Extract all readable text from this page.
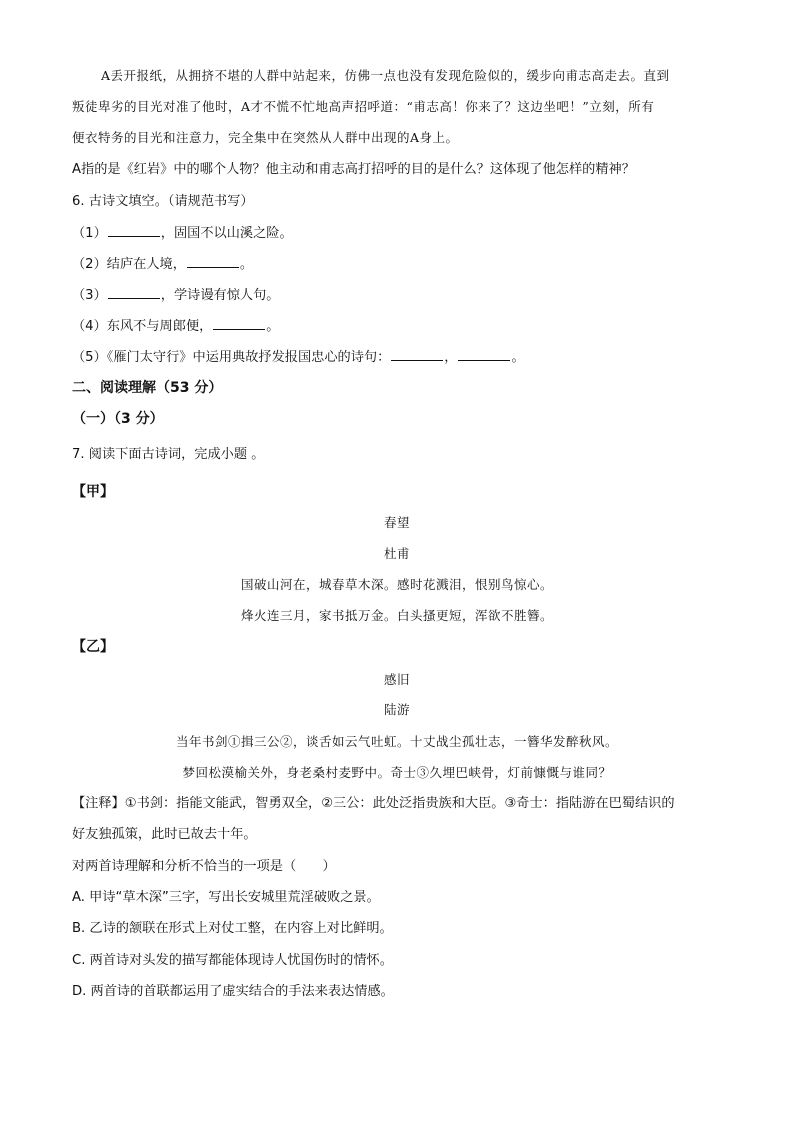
A丢开报纸，从拥挤不堪的人群中站起来，仿佛一点也没有发现危险似的，缓步向甫志高走去。直到
叛徒卑劣的目光对准了他时，A才不慌不忙地高声招呼道：“甫志高！你来了？这边坐吧！”立刻，所有
便衣特务的目光和注意力，完全集中在突然从人群中出现的A身上。
A指的是《红岩》中的哪个人物？他主动和甫志高打招呼的目的是什么？这体现了他怎样的精神？
6. 古诗文填空。（请规范书写）
（1）	，固国不以山溪之险。
（2）结庐在人境，	。
（3）	，学诗谩有惊人句。
（4）东风不与周郎便，	。
（5）《雁门太守行》中运用典故抒发报国忠心的诗句：	，	。
二、阅读理解（53 分）
（一）（3 分）
7. 阅读下面古诗词，完成小题 。
【甲】
春望
杜甫
国破山河在，城春草木深。感时花溅泪，恨别鸟惊心。
烽火连三月，家书抵万金。白头搔更短，浑欲不胜簪。
【乙】
感旧
陆游
当年书剑①揖三公②，谈舌如云气吐虹。十丈战尘孤壮志，一簪华发醉秋风。
梦回松漠榆关外，身老桑村麦野中。奇士③久埋巴峡骨，灯前慷慨与谁同？
【注释】①书剑：指能文能武，智勇双全，②三公：此处泛指贵族和大臣。③奇士：指陆游在巴蜀结识的
好友独孤策，此时已故去十年。
对两首诗理解和分析不恰当的一项是（　　）
A. 甲诗“草木深”三字，写出长安城里荒淫破败之景。
B. 乙诗的颔联在形式上对仗工整，在内容上对比鲜明。
C. 两首诗对头发的描写都能体现诗人忧国伤时的情怀。
D. 两首诗的首联都运用了虚实结合的手法来表达情感。
